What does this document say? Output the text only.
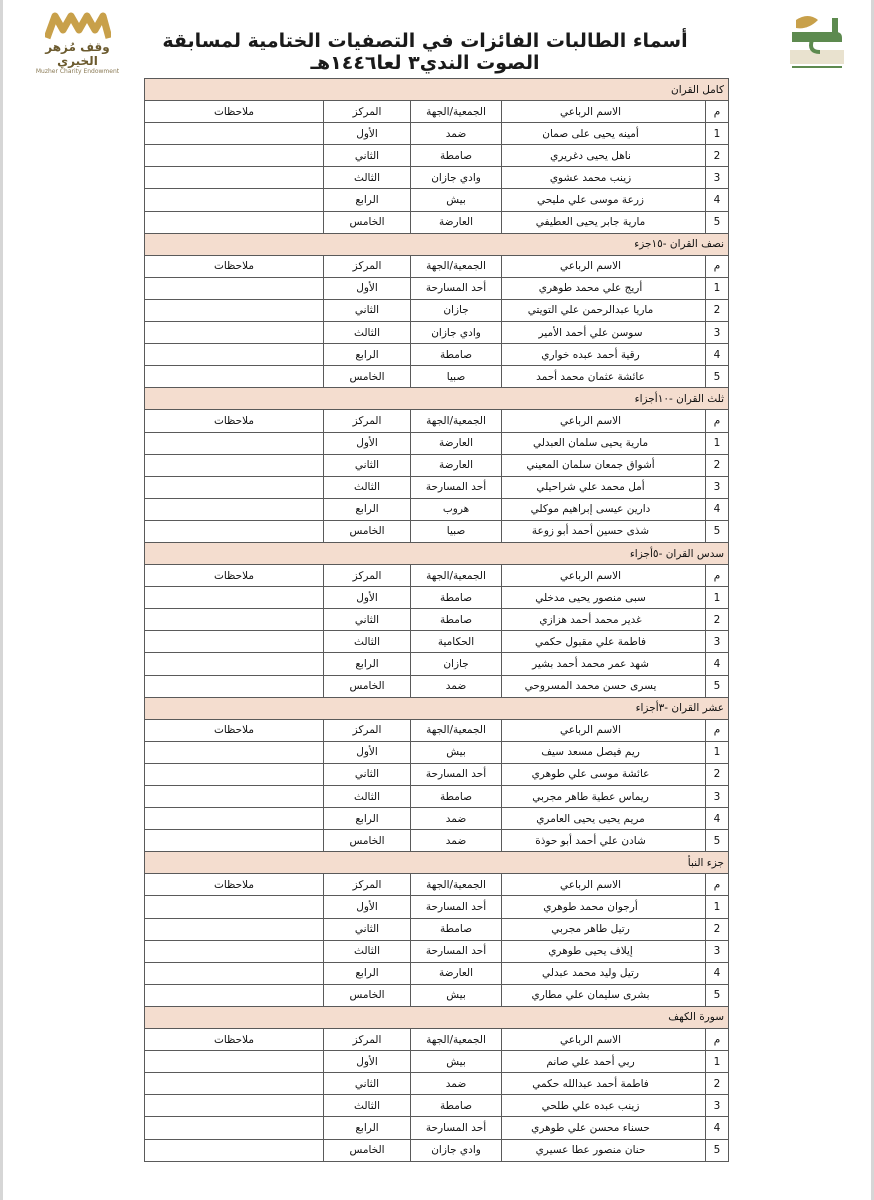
وقف مُزهر الخيري
Muzher Charity Endowment
أسماء الطالبات الفائزات في التصفيات الختامية لمسابقة الصوت الندي٣ لعا١٤٤٦هـ
كامل القران				
م	الاسم الرباعي	الجمعية/الجهة	المركز	ملاحظات
1	أمينه يحيى على صمان	ضمد	الأول	
2	ناهل يحيى دغريري	صامطة	الثاني	
3	زينب محمد عشوي	وادي جازان	الثالث	
4	زرعة موسى علي مليحي	بيش	الرابع	
5	مارية جابر يحيى العطيفي	العارضة	الخامس	
نصف القران -١٥جزء				
م	الاسم الرباعي	الجمعية/الجهة	المركز	ملاحظات
1	أريج علي محمد طوهري	أحد المسارحة	الأول	
2	ماريا عبدالرحمن علي التويتي	جازان	الثاني	
3	سوسن علي أحمد الأمير	وادي جازان	الثالث	
4	رقية أحمد عبده خواري	صامطة	الرابع	
5	عائشة عثمان محمد أحمد	صبيا	الخامس	
ثلث القران -١٠أجزاء				
م	الاسم الرباعي	الجمعية/الجهة	المركز	ملاحظات
1	مارية يحيى سلمان العبدلي	العارضة	الأول	
2	أشواق جمعان سلمان المعيني	العارضة	الثاني	
3	أمل محمد علي شراحيلي	أحد المسارحة	الثالث	
4	دارين عيسى إبراهيم موكلي	هروب	الرابع	
5	شذى حسين أحمد أبو زوعة	صبيا	الخامس	
سدس القران -٥أجزاء				
م	الاسم الرباعي	الجمعية/الجهة	المركز	ملاحظات
1	سبى منصور يحيى مدخلي	صامطة	الأول	
2	غدير محمد أحمد هزازي	صامطة	الثاني	
3	فاطمة علي مقبول حكمي	الحكامية	الثالث	
4	شهد عمر محمد أحمد بشير	جازان	الرابع	
5	يسرى حسن محمد المسروحي	ضمد	الخامس	
عشر القران -٣أجزاء				
م	الاسم الرباعي	الجمعية/الجهة	المركز	ملاحظات
1	ريم فيصل مسعد سيف	بيش	الأول	
2	عائشة موسى علي طوهري	أحد المسارحة	الثاني	
3	ريماس عطية طاهر مجربي	صامطة	الثالث	
4	مريم يحيى يحيى العامري	ضمد	الرابع	
5	شادن علي أحمد أبو حوذة	ضمد	الخامس	
جزء النبأ				
م	الاسم الرباعي	الجمعية/الجهة	المركز	ملاحظات
1	أرجوان محمد طوهري	أحد المسارحة	الأول	
2	رتيل طاهر مجربي	صامطة	الثاني	
3	إيلاف يحيى طوهري	أحد المسارحة	الثالث	
4	رتيل وليد محمد عبدلي	العارضة	الرابع	
5	بشرى سليمان علي مطاري	بيش	الخامس	
سورة الكهف				
م	الاسم الرباعي	الجمعية/الجهة	المركز	ملاحظات
1	ربي أحمد علي صانم	بيش	الأول	
2	فاطمة أحمد عبدالله حكمي	ضمد	الثاني	
3	زينب عبده علي طلحي	صامطة	الثالث	
4	حسناء محسن علي طوهري	أحد المسارحة	الرابع	
5	حنان منصور عطا عسيري	وادي جازان	الخامس	
